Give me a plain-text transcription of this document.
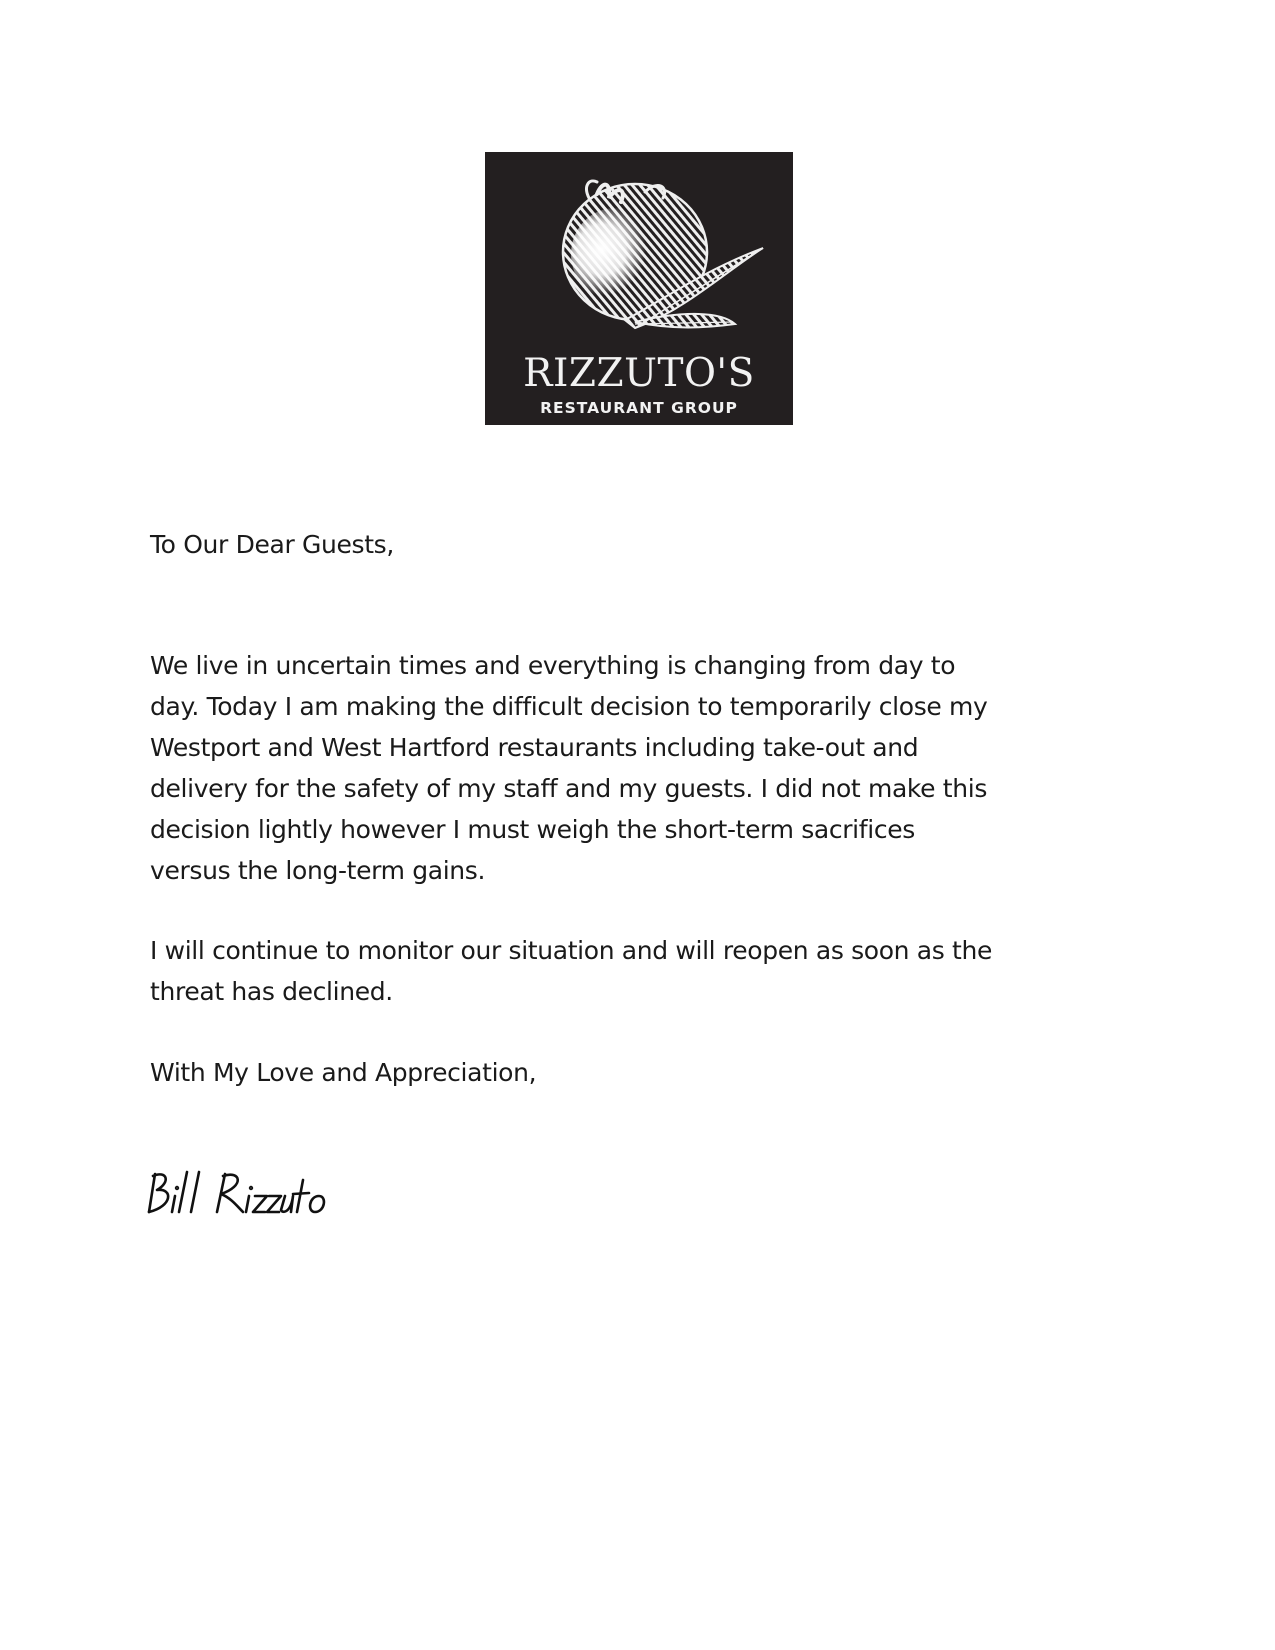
RIZZUTO'S
RESTAURANT GROUP

To Our Dear Guests,

We live in uncertain times and everything is changing from day to
day. Today I am making the difficult decision to temporarily close my
Westport and West Hartford restaurants including take-out and
delivery for the safety of my staff and my guests. I did not make this
decision lightly however I must weigh the short-term sacrifices
versus the long-term gains.

I will continue to monitor our situation and will reopen as soon as the
threat has declined.

With My Love and Appreciation,
